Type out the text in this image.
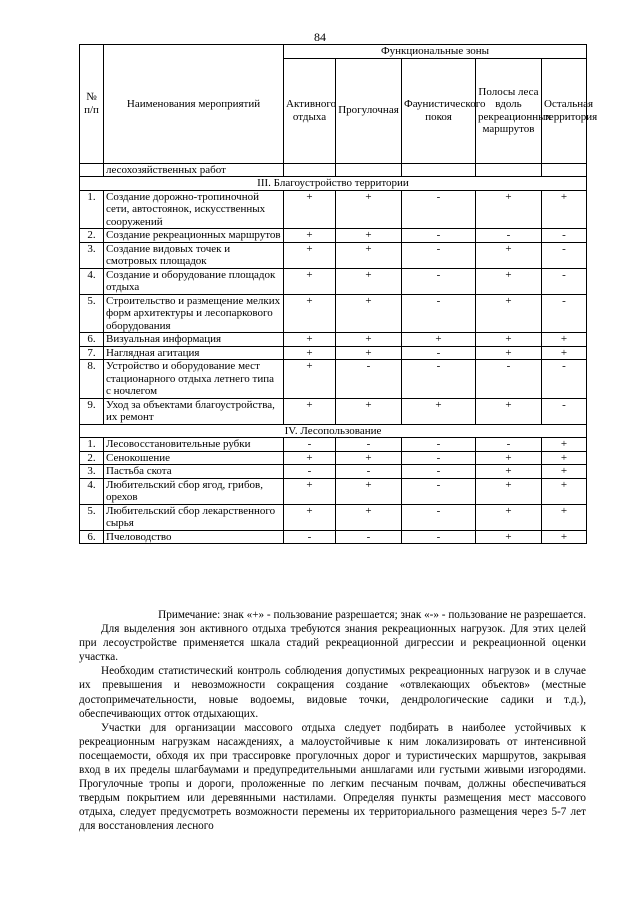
84
№ п/п	Наименования мероприятий	Функциональные зоны				
		Активного отдыха	Прогулочная	Фаунистического покоя	Полосы леса вдоль рекреационных маршрутов	Остальная территория
	лесохозяйственных работ					
III. Благоустройство территории						
1.	Создание дорожно-тропиночной сети, автостоянок, искусственных сооружений	+	+	-	+	+
2.	Создание рекреационных маршрутов	+	+	-	-	-
3.	Создание видовых точек и смотровых площадок	+	+	-	+	-
4.	Создание и оборудование площадок отдыха	+	+	-	+	-
5.	Строительство и размещение мелких форм архитектуры и лесопаркового оборудования	+	+	-	+	-
6.	Визуальная информация	+	+	+	+	+
7.	Наглядная агитация	+	+	-	+	+
8.	Устройство и оборудование мест стационарного отдыха летнего типа с ночлегом	+	-	-	-	-
9.	Уход за объектами благоустройства, их ремонт	+	+	+	+	-
IV. Лесопользование						
1.	Лесовосстановительные рубки	-	-	-	-	+
2.	Сенокошение	+	+	-	+	+
3.	Пастьба скота	-	-	-	+	+
4.	Любительский сбор ягод, грибов, орехов	+	+	-	+	+
5.	Любительский сбор лекарственного сырья	+	+	-	+	+
6.	Пчеловодство	-	-	-	+	+

Примечание: знак «+» - пользование разрешается; знак «-» - пользование не разрешается.

Для выделения зон активного отдыха требуются знания рекреационных нагрузок. Для этих целей при лесоустройстве применяется шкала стадий рекреационной дигрессии и рекреационной оценки участка.

Необходим статистический контроль соблюдения допустимых рекреационных нагрузок и в случае их превышения и невозможности сокращения создание «отвлекающих объектов» (местные достопримечательности, новые водоемы, видовые точки, дендрологические садики и т.д.), обеспечивающих отток отдыхающих.

Участки для организации массового отдыха следует подбирать в наиболее устойчивых к рекреационным нагрузкам насаждениях, а малоустойчивые к ним локализировать от интенсивной посещаемости, обходя их при трассировке прогулочных дорог и туристических маршрутов, закрывая вход в их пределы шлагбаумами и предупредительными аншлагами или густыми живыми изгородями. Прогулочные тропы и дороги, проложенные по легким песчаным почвам, должны обеспечиваться твердым покрытием или деревянными настилами. Определяя пункты размещения мест массового отдыха, следует предусмотреть возможности перемены их территориального размещения через 5-7 лет для восстановления лесного
